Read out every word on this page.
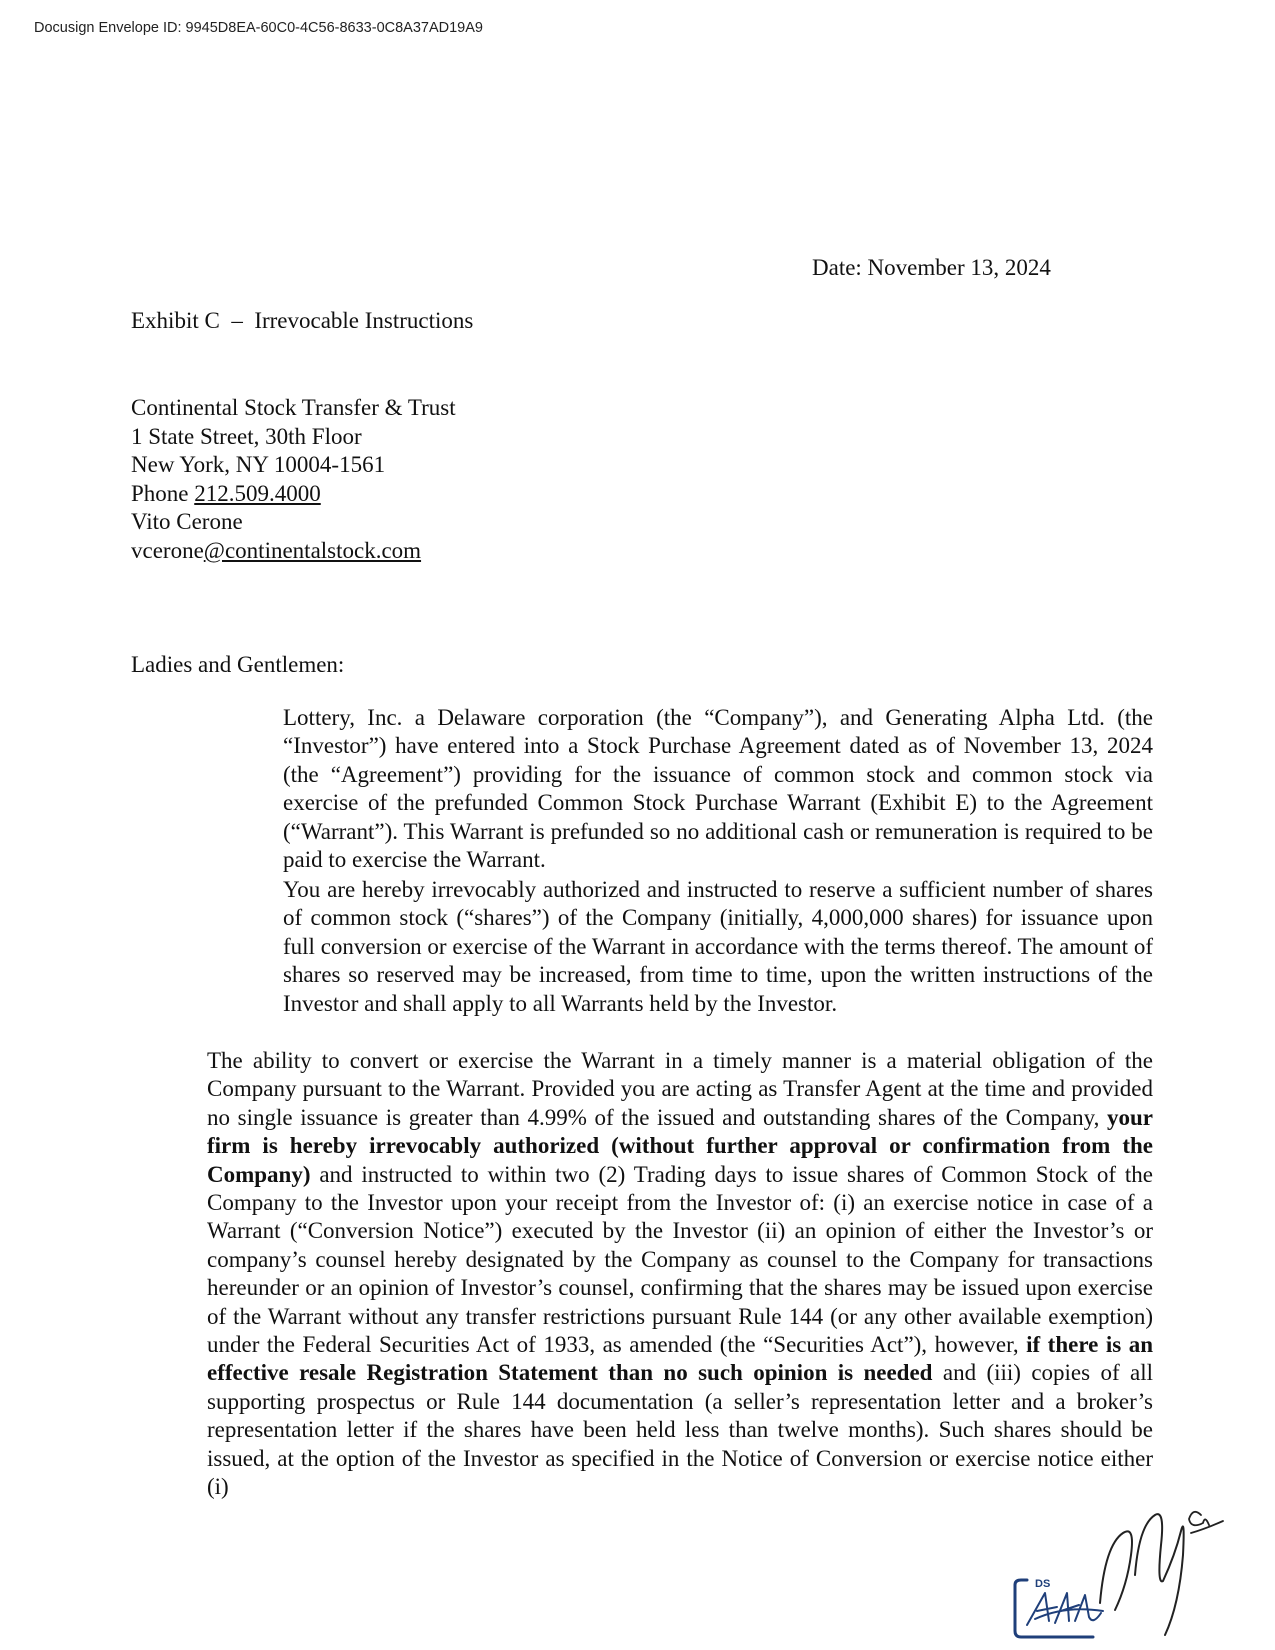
Docusign Envelope ID: 9945D8EA-60C0-4C56-8633-0C8A37AD19A9
Date: November 13, 2024
Exhibit C – Irrevocable Instructions
Continental Stock Transfer & Trust
1 State Street, 30th Floor
New York, NY 10004-1561
Phone 212.509.4000
Vito Cerone
vcerone@continentalstock.com
Ladies and Gentlemen:

Lottery, Inc. a Delaware corporation (the “Company”), and Generating Alpha Ltd. (the “Investor”) have entered into a Stock Purchase Agreement dated as of November 13, 2024 (the “Agreement”) providing for the issuance of common stock and common stock via exercise of the prefunded Common Stock Purchase Warrant (Exhibit E) to the Agreement (“Warrant”). This Warrant is prefunded so no additional cash or remuneration is required to be paid to exercise the Warrant.

You are hereby irrevocably authorized and instructed to reserve a sufficient number of shares of common stock (“shares”) of the Company (initially, 4,000,000 shares) for issuance upon full conversion or exercise of the Warrant in accordance with the terms thereof. The amount of shares so reserved may be increased, from time to time, upon the written instructions of the Investor and shall apply to all Warrants held by the Investor.

The ability to convert or exercise the Warrant in a timely manner is a material obligation of the Company pursuant to the Warrant. Provided you are acting as Transfer Agent at the time and provided no single issuance is greater than 4.99% of the issued and outstanding shares of the Company, your firm is hereby irrevocably authorized (without further approval or confirmation from the Company) and instructed to within two (2) Trading days to issue shares of Common Stock of the Company to the Investor upon your receipt from the Investor of: (i) an exercise notice in case of a Warrant (“Conversion Notice”) executed by the Investor (ii) an opinion of either the Investor’s or company’s counsel hereby designated by the Company as counsel to the Company for transactions hereunder or an opinion of Investor’s counsel, confirming that the shares may be issued upon exercise of the Warrant without any transfer restrictions pursuant Rule 144 (or any other available exemption) under the Federal Securities Act of 1933, as amended (the “Securities Act”), however, if there is an effective resale Registration Statement than no such opinion is needed and (iii) copies of all supporting prospectus or Rule 144 documentation (a seller’s representation letter and a broker’s representation letter if the shares have been held less than twelve months). Such shares should be issued, at the option of the Investor as specified in the Notice of Conversion or exercise notice either (i)

DS
